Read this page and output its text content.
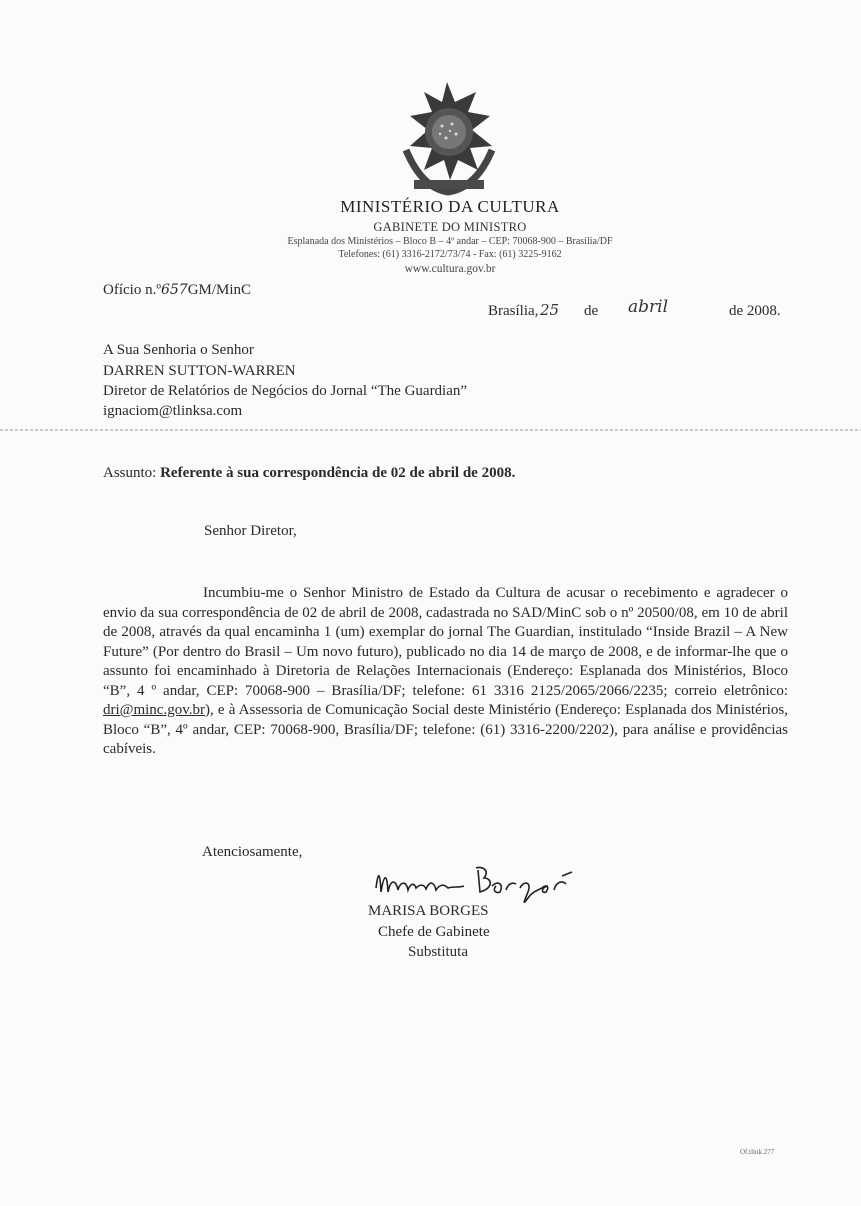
MINISTÉRIO DA CULTURA
GABINETE DO MINISTRO
Esplanada dos Ministérios – Bloco B – 4º andar – CEP: 70068-900 – Brasília/DF
Telefones: (61) 3316-2172/73/74 - Fax: (61) 3225-9162
www.cultura.gov.br
Ofício n.º657GM/MinC
Brasília, 25 de abril	de 2008.
A Sua Senhoria o Senhor
DARREN SUTTON-WARREN
Diretor de Relatórios de Negócios do Jornal “The Guardian”
ignaciom@tlinksa.com
Assunto: Referente à sua correspondência de 02 de abril de 2008.
Senhor Diretor,
Incumbiu-me o Senhor Ministro de Estado da Cultura de acusar o recebimento e agradecer o envio da sua correspondência de 02 de abril de 2008, cadastrada no SAD/MinC sob o nº 20500/08, em 10 de abril de 2008, através da qual encaminha 1 (um) exemplar do jornal The Guardian, institulado “Inside Brazil – A New Future” (Por dentro do Brasil – Um novo futuro), publicado no dia 14 de março de 2008, e de informar-lhe que o assunto foi encaminhado à Diretoria de Relações Internacionais (Endereço: Esplanada dos Ministérios, Bloco “B”, 4 º andar, CEP: 70068-900 – Brasília/DF; telefone: 61 3316 2125/2065/2066/2235; correio eletrônico: dri@minc.gov.br), e à Assessoria de Comunicação Social deste Ministério (Endereço: Esplanada dos Ministérios, Bloco “B”, 4º andar, CEP: 70068-900, Brasília/DF; telefone: (61) 3316-2200/2202), para análise e providências cabíveis.
Atenciosamente,
MARISA BORGES
Chefe de Gabinete
Substituta
Of.tlink.277
